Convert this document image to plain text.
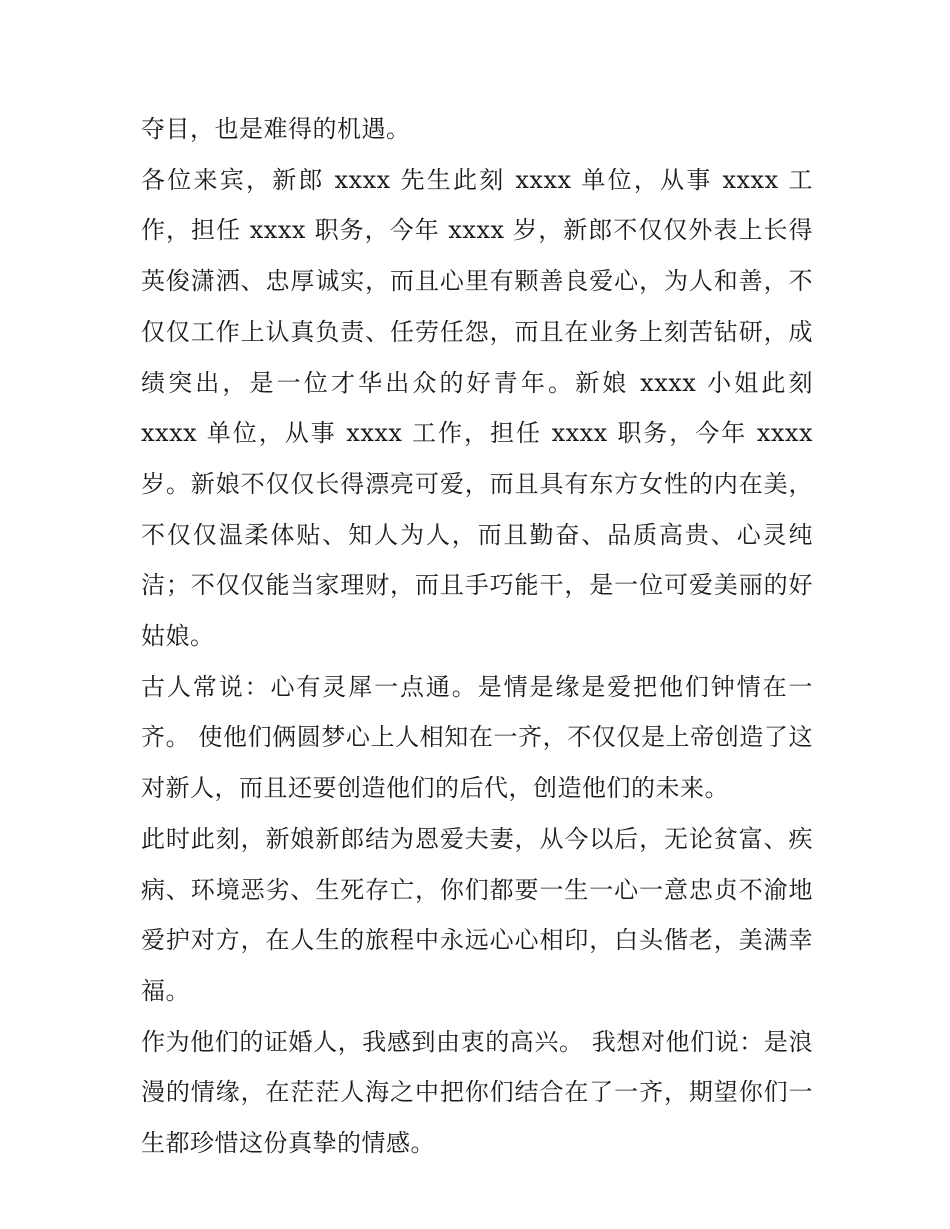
夺目，也是难得的机遇。

各位来宾，新郎 xxxx 先生此刻 xxxx 单位，从事 xxxx 工作，担任 xxxx 职务，今年 xxxx 岁，新郎不仅仅外表上长得英俊潇洒、忠厚诚实，而且心里有颗善良爱心，为人和善，不仅仅工作上认真负责、任劳任怨，而且在业务上刻苦钻研，成绩突出，是一位才华出众的好青年。新娘 xxxx 小姐此刻 xxxx 单位，从事 xxxx 工作，担任 xxxx 职务，今年 xxxx 岁。新娘不仅仅长得漂亮可爱，而且具有东方女性的内在美，不仅仅温柔体贴、知人为人，而且勤奋、品质高贵、心灵纯洁；不仅仅能当家理财，而且手巧能干，是一位可爱美丽的好姑娘。

古人常说：心有灵犀一点通。是情是缘是爱把他们钟情在一齐。 使他们俩圆梦心上人相知在一齐，不仅仅是上帝创造了这对新人，而且还要创造他们的后代，创造他们的未来。

此时此刻，新娘新郎结为恩爱夫妻，从今以后，无论贫富、疾病、环境恶劣、生死存亡，你们都要一生一心一意忠贞不渝地爱护对方，在人生的旅程中永远心心相印，白头偕老，美满幸福。

作为他们的证婚人，我感到由衷的高兴。 我想对他们说：是浪漫的情缘，在茫茫人海之中把你们结合在了一齐，期望你们一生都珍惜这份真挚的情感。
